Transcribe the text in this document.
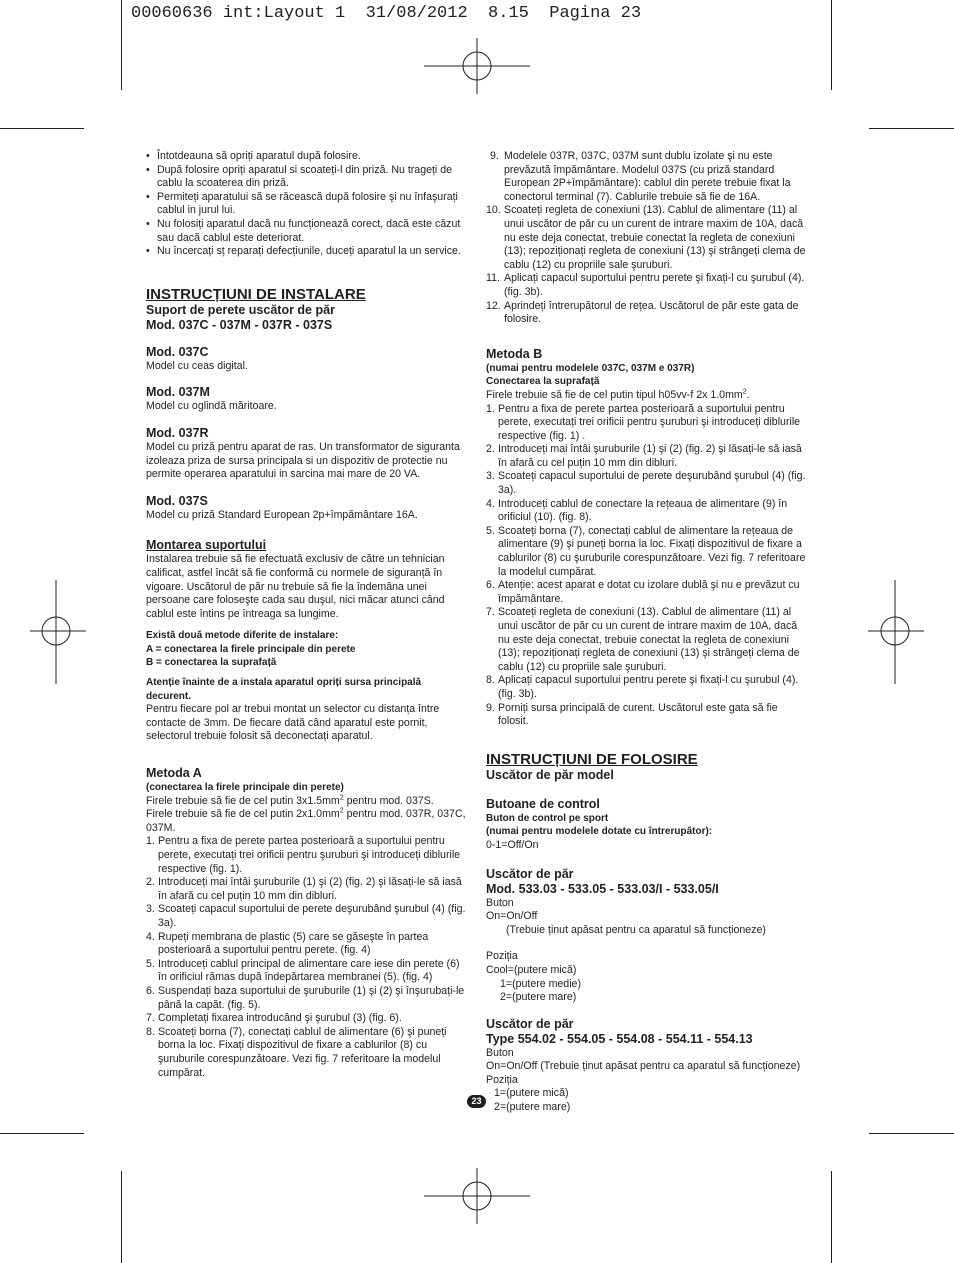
00060636 int:Layout 1  31/08/2012  8.15  Pagina 23
• Întotdeauna să opriți aparatul după folosire.
• După folosire opriți aparatul si scoateți-l din priză. Nu trageți de cablu la scoaterea din priză.
• Permiteți aparatului să se răcească după folosire şi nu înfaşurați cablul in jurul lui.
• Nu folosiți aparatul dacă nu funcționează corect, dacă este căzut sau dacă cablul este deteriorat.
• Nu încercați sț reparați defecțiunile, duceți aparatul la un service.
INSTRUCȚIUNI DE INSTALARE
Suport de perete uscător de păr
Mod. 037C - 037M - 037R - 037S
Mod. 037C
Model cu ceas digital.
Mod. 037M
Model cu oglindă măritoare.
Mod. 037R
Model cu priză pentru aparat de ras. Un transformator de siguranta izoleaza priza de sursa principala si un dispozitiv de protectie nu permite operarea aparatului in sarcina mai mare de 20 VA.
Mod. 037S
Model cu priză Standard European 2p+împământare 16A.
Montarea suportului
Instalarea trebuie să fie efectuată exclusiv de către un tehnician calificat, astfel încât să fie conformă cu normele de siguranță în vigoare. Uscătorul de păr nu trebuie să fie la îndemâna unei persoane care foloseşte cada sau duşul, nici măcar atunci când cablul este întins pe întreaga sa lungime.
Există două metode diferite de instalare:
A = conectarea la firele principale din perete
B = conectarea la suprafață
Atenție înainte de a instala aparatul opriți sursa principală decurent.
Pentru fiecare pol ar trebui montat un selector cu distanța între contacte de 3mm. De fiecare dată când aparatul este pornit, selectorul trebuie folosit să deconectați aparatul.
Metoda A
(conectarea la firele principale din perete)
Firele trebuie să fie de cel putin $3x1.5mm^2$ pentru mod. 037S.
Firele trebuie să fie de cel putin $2x1.0mm^2$ pentru mod. 037R, 037C, 037M.
1. Pentru a fixa de perete partea posterioară a suportului pentru perete, executați trei orificii pentru şuruburi şi introduceți diblurile respective (fig. 1).
2. Introduceți mai întâi şuruburile (1) şi (2) (fig. 2) şi lăsați-le să iasă în afară cu cel puțin 10 mm din dibluri.
3. Scoateți capacul suportului de perete deşurubând şurubul (4) (fig. 3a).
4. Rupeți membrana de plastic (5) care se găseşte în partea posterioară a suportului pentru perete. (fig. 4)
5. Introduceți cablul principal de alimentare care iese din perete (6) în orificiul rămas după îndepărtarea membranei (5). (fig. 4)
6. Suspendați baza suportului de şuruburile (1) şi (2) şi înşurubați-le până la capăt. (fig. 5).
7. Completați fixarea introducând şi şurubul (3) (fig. 6).
8. Scoateți borna (7), conectați cablul de alimentare (6) şi puneți borna la loc. Fixați dispozitivul de fixare a cablurilor (8) cu şuruburile corespunzătoare. Vezi fig. 7 referitoare la modelul cumpărat.
9. Modelele 037R, 037C, 037M sunt dublu izolate şi nu este prevăzută împământare. Modelul 037S (cu priză standard European 2P+împământare): cablul din perete trebuie fixat la conectorul terminal (7). Cablurile trebuie să fie de 16A.
10. Scoateți regleta de conexiuni (13). Cablul de alimentare (11) al unui uscător de păr cu un curent de intrare maxim de 10A, dacă nu este deja conectat, trebuie conectat la regleta de conexiuni (13); repoziționați regleta de conexiuni (13) şi strângeți clema de cablu (12) cu propriile sale şuruburi.
11. Aplicați capacul suportului pentru perete şi fixați-l cu şurubul (4). (fig. 3b).
12. Aprindeți întrerupătorul de rețea. Uscătorul de păr este gata de folosire.
Metoda B
(numai pentru modelele 037C, 037M e 037R)
Conectarea la suprafață
Firele trebuie să fie de cel putin tipul h05vv-f 2x $1.0mm^2$.
1. Pentru a fixa de perete partea posterioară a suportului pentru perete, executați trei orificii pentru şuruburi şi introduceți diblurile respective (fig. 1) .
2. Introduceți mai întâi şuruburile (1) şi (2) (fig. 2) şi lăsați-le să iasă în afară cu cel puțin 10 mm din dibluri.
3. Scoateți capacul suportului de perete deşurubând şurubul (4) (fig. 3a).
4. Introduceți cablul de conectare la rețeaua de alimentare (9) în orificiul (10). (fig. 8).
5. Scoateți borna (7), conectați cablul de alimentare la rețeaua de alimentare (9) şi puneți borna la loc. Fixați dispozitivul de fixare a cablurilor (8) cu şuruburile corespunzătoare. Vezi fig. 7 referitoare la modelul cumpărat.
6. Atenție: acest aparat e dotat cu izolare dublă şi nu e prevăzut cu împământare.
7. Scoateți regleta de conexiuni (13). Cablul de alimentare (11) al unui uscător de păr cu un curent de intrare maxim de 10A, dacă nu este deja conectat, trebuie conectat la regleta de conexiuni (13); repoziționați regleta de conexiuni (13) şi strângeți clema de cablu (12) cu propriile sale şuruburi.
8. Aplicați capacul suportului pentru perete şi fixați-l cu şurubul (4). (fig. 3b).
9. Porniți sursa principală de curent. Uscătorul este gata să fie folosit.
INSTRUCȚIUNI DE FOLOSIRE
Uscător de păr model
Butoane de control
Buton de control pe sport
(numai pentru modelele dotate cu întrerupător):
0-1=Off/On
Uscător de păr
Mod. 533.03 - 533.05 - 533.03/I - 533.05/I
Buton
On=On/Off
(Trebuie ținut apăsat pentru ca aparatul să funcționeze)
Poziția
Cool=(putere mică)
1=(putere medie)
2=(putere mare)
Uscător de păr
Type 554.02 - 554.05 - 554.08 - 554.11 - 554.13
Buton
On=On/Off (Trebuie ținut apăsat pentru ca aparatul să funcționeze)
Poziția
1=(putere mică)
2=(putere mare)
23
